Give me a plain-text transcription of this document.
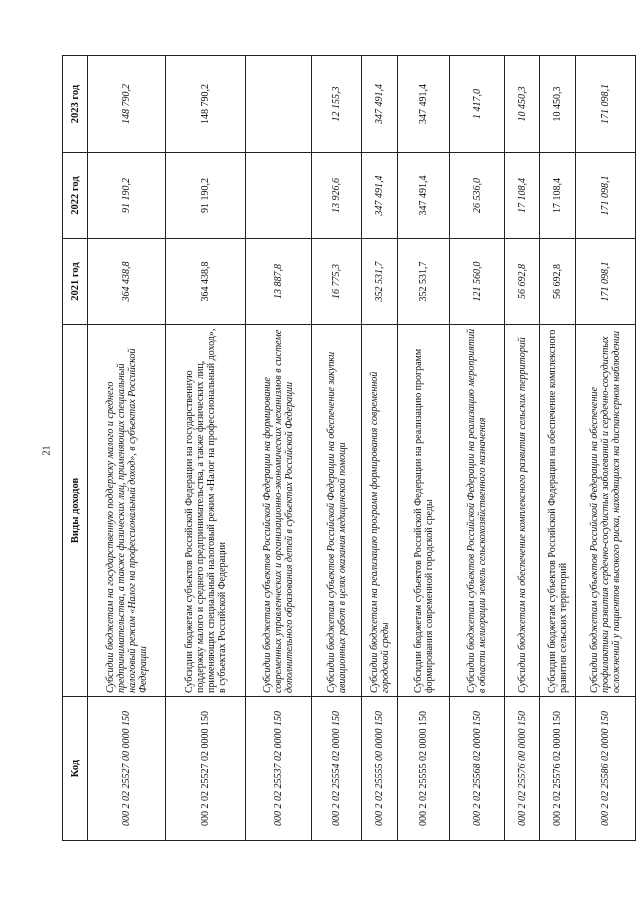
21
Код	Виды доходов	2021 год	2022 год	2023 год
000 2 02 25527 00 0000 150	Субсидии бюджетам на государственную поддержку малого и среднего предпринимательства, а также физических лиц, применяющих специальный налоговый режим «Налог на профессиональный доход», в субъектах Российской Федерации	364 438,8	91 190,2	148 790,2
000 2 02 25527 02 0000 150	Субсидии бюджетам субъектов Российской Федерации на государственную поддержку малого и среднего предпринимательства, а также физических лиц, применяющих специальный налоговый режим «Налог на профессиональный доход», в субъектах Российской Федерации	364 438,8	91 190,2	148 790,2
000 2 02 25537 02 0000 150	Субсидии бюджетам субъектов Российской Федерации на формирование современных управленческих и организационно-экономических механизмов в системе дополнительного образования детей в субъектах Российской Федерации	13 887,8		
000 2 02 25554 02 0000 150	Субсидии бюджетам субъектов Российской Федерации на обеспечение закупки авиационных работ в целях оказания медицинской помощи	16 775,3	13 926,6	12 155,3
000 2 02 25555 00 0000 150	Субсидии бюджетам на реализацию программ формирования современной городской среды	352 531,7	347 491,4	347 491,4
000 2 02 25555 02 0000 150	Субсидии бюджетам субъектов Российской Федерации на реализацию программ формирования современной городской среды	352 531,7	347 491,4	347 491,4
000 2 02 25568 02 0000 150	Субсидии бюджетам субъектов Российской Федерации на реализацию мероприятий в области мелиорации земель сельскохозяйственного назначения	121 560,0	26 536,0	1 417,0
000 2 02 25576 00 0000 150	Субсидии бюджетам на обеспечение комплексного развития сельских территорий	56 692,8	17 108,4	10 450,3
000 2 02 25576 02 0000 150	Субсидии бюджетам субъектов Российской Федерации на обеспечение комплексного развития сельских территорий	56 692,8	17 108,4	10 450,3
000 2 02 25586 02 0000 150	Субсидии бюджетам субъектов Российской Федерации на обеспечение профилактики развития сердечно-сосудистых заболеваний и сердечно-сосудистых осложнений у пациентов высокого риска, находящихся на диспансерном наблюдении	171 098,1	171 098,1	171 098,1
